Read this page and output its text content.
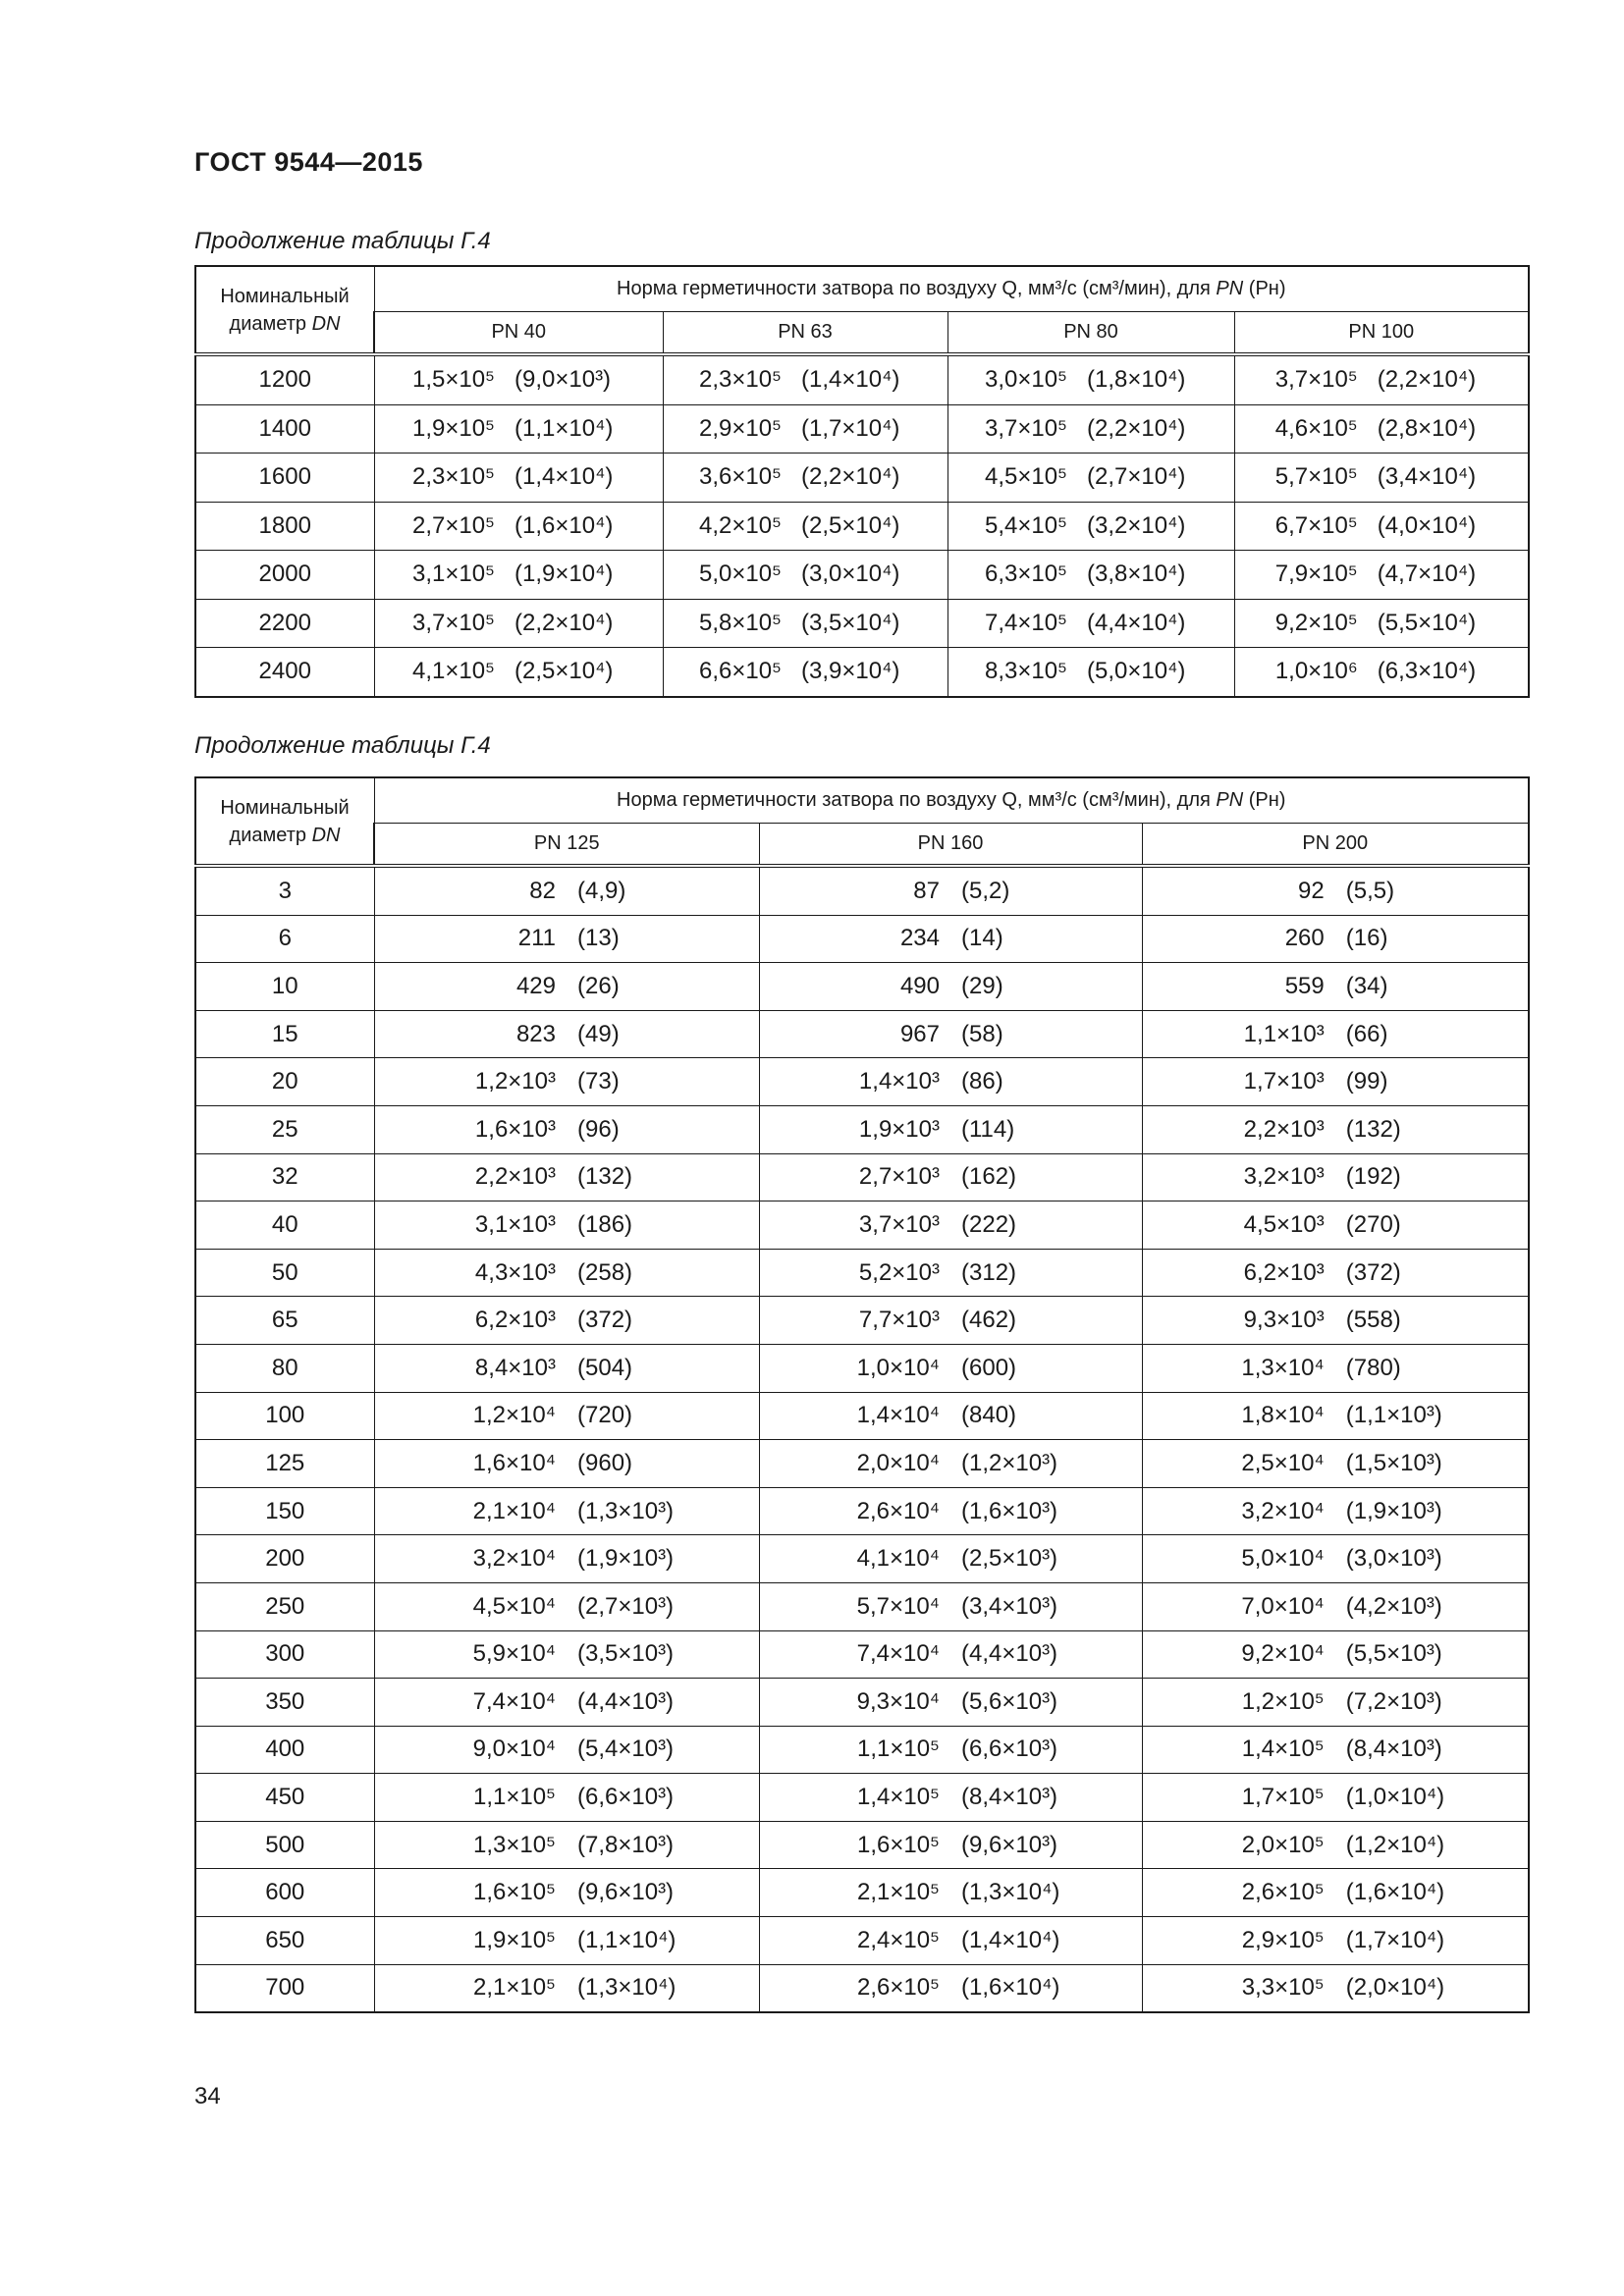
ГОСТ 9544—2015
Продолжение таблицы Г.4
Номинальный
диаметр DN	Норма герметичности затвора по воздуху Q, мм³/с (см³/мин), для PN (Pн)			
	PN 40	PN 63	PN 80	PN 100
1200	1,5×10⁵ (9,0×10³)	2,3×10⁵ (1,4×10⁴)	3,0×10⁵ (1,8×10⁴)	3,7×10⁵ (2,2×10⁴)

1400	1,9×10⁵ (1,1×10⁴)	2,9×10⁵ (1,7×10⁴)	3,7×10⁵ (2,2×10⁴)	4,6×10⁵ (2,8×10⁴)

1600	2,3×10⁵ (1,4×10⁴)	3,6×10⁵ (2,2×10⁴)	4,5×10⁵ (2,7×10⁴)	5,7×10⁵ (3,4×10⁴)

1800	2,7×10⁵ (1,6×10⁴)	4,2×10⁵ (2,5×10⁴)	5,4×10⁵ (3,2×10⁴)	6,7×10⁵ (4,0×10⁴)

2000	3,1×10⁵ (1,9×10⁴)	5,0×10⁵ (3,0×10⁴)	6,3×10⁵ (3,8×10⁴)	7,9×10⁵ (4,7×10⁴)

2200	3,7×10⁵ (2,2×10⁴)	5,8×10⁵ (3,5×10⁴)	7,4×10⁵ (4,4×10⁴)	9,2×10⁵ (5,5×10⁴)

2400	4,1×10⁵ (2,5×10⁴)	6,6×10⁵ (3,9×10⁴)	8,3×10⁵ (5,0×10⁴)	1,0×10⁶ (6,3×10⁴)
Продолжение таблицы Г.4
Номинальный
диаметр DN	Норма герметичности затвора по воздуху Q, мм³/с (см³/мин), для PN (Pн)		
	PN 125	PN 160	PN 200
3	82 (4,9)	87 (5,2)	92 (5,5)

6	211 (13)	234 (14)	260 (16)

10	429 (26)	490 (29)	559 (34)

15	823 (49)	967 (58)	1,1×10³ (66)

20	1,2×10³ (73)	1,4×10³ (86)	1,7×10³ (99)

25	1,6×10³ (96)	1,9×10³ (114)	2,2×10³ (132)

32	2,2×10³ (132)	2,7×10³ (162)	3,2×10³ (192)

40	3,1×10³ (186)	3,7×10³ (222)	4,5×10³ (270)

50	4,3×10³ (258)	5,2×10³ (312)	6,2×10³ (372)

65	6,2×10³ (372)	7,7×10³ (462)	9,3×10³ (558)

80	8,4×10³ (504)	1,0×10⁴ (600)	1,3×10⁴ (780)

100	1,2×10⁴ (720)	1,4×10⁴ (840)	1,8×10⁴ (1,1×10³)

125	1,6×10⁴ (960)	2,0×10⁴ (1,2×10³)	2,5×10⁴ (1,5×10³)

150	2,1×10⁴ (1,3×10³)	2,6×10⁴ (1,6×10³)	3,2×10⁴ (1,9×10³)

200	3,2×10⁴ (1,9×10³)	4,1×10⁴ (2,5×10³)	5,0×10⁴ (3,0×10³)

250	4,5×10⁴ (2,7×10³)	5,7×10⁴ (3,4×10³)	7,0×10⁴ (4,2×10³)

300	5,9×10⁴ (3,5×10³)	7,4×10⁴ (4,4×10³)	9,2×10⁴ (5,5×10³)

350	7,4×10⁴ (4,4×10³)	9,3×10⁴ (5,6×10³)	1,2×10⁵ (7,2×10³)

400	9,0×10⁴ (5,4×10³)	1,1×10⁵ (6,6×10³)	1,4×10⁵ (8,4×10³)

450	1,1×10⁵ (6,6×10³)	1,4×10⁵ (8,4×10³)	1,7×10⁵ (1,0×10⁴)

500	1,3×10⁵ (7,8×10³)	1,6×10⁵ (9,6×10³)	2,0×10⁵ (1,2×10⁴)

600	1,6×10⁵ (9,6×10³)	2,1×10⁵ (1,3×10⁴)	2,6×10⁵ (1,6×10⁴)

650	1,9×10⁵ (1,1×10⁴)	2,4×10⁵ (1,4×10⁴)	2,9×10⁵ (1,7×10⁴)

700	2,1×10⁵ (1,3×10⁴)	2,6×10⁵ (1,6×10⁴)	3,3×10⁵ (2,0×10⁴)
34
